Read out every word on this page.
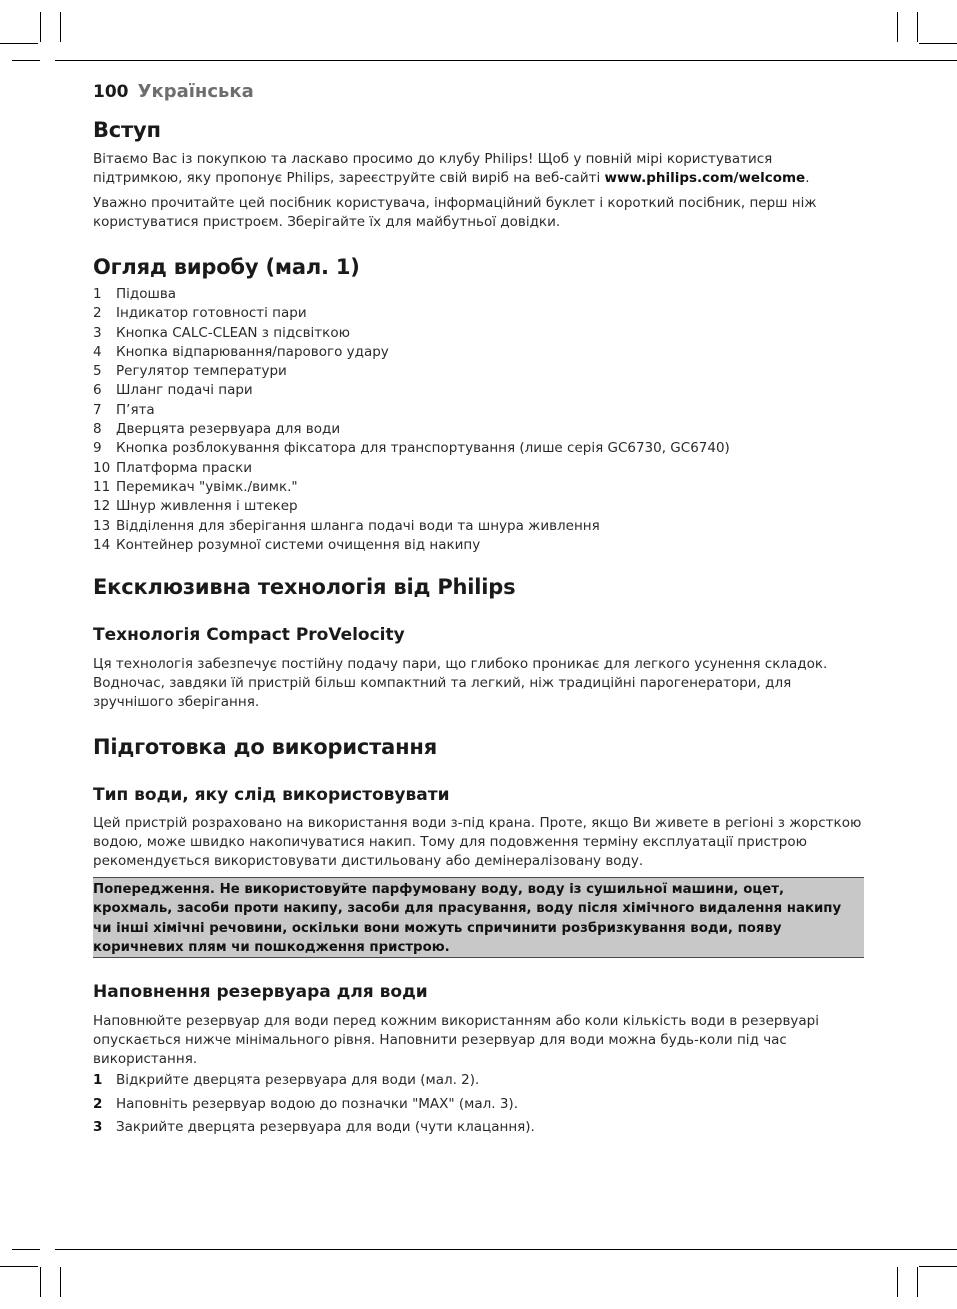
100 Українська
Вступ

Вітаємо Вас із покупкою та ласкаво просимо до клубу Philips! Щоб у повній мірі користуватися підтримкою, яку пропонує Philips, зареєструйте свій виріб на веб-сайті www.philips.com/welcome.

Уважно прочитайте цей посібник користувача, інформаційний буклет і короткий посібник, перш ніж користуватися пристроєм. Зберігайте їх для майбутньої довідки.

Огляд виробу (мал. 1)
1 Підошва
2 Індикатор готовності пари
3 Кнопка CALC-CLEAN з підсвіткою
4 Кнопка відпарювання/парового удару
5 Регулятор температури
6 Шланг подачі пари
7 П’ята
8 Дверцята резервуара для води
9 Кнопка розблокування фіксатора для транспортування (лише серія GC6730, GC6740)
10 Платформа праски
11 Перемикач "увімк./вимк."
12 Шнур живлення і штекер
13 Відділення для зберігання шланга подачі води та шнура живлення
14 Контейнер розумної системи очищення від накипу
Ексклюзивна технологія від Philips
Технологія Compact ProVelocity

Ця технологія забезпечує постійну подачу пари, що глибоко проникає для легкого усунення складок. Водночас, завдяки їй пристрій більш компактний та легкий, ніж традиційні парогенератори, для зручнішого зберігання.

Підготовка до використання
Тип води, яку слід використовувати

Цей пристрій розраховано на використання води з-під крана. Проте, якщо Ви живете в регіоні з жорсткою водою, може швидко накопичуватися накип. Тому для подовження терміну експлуатації пристрою рекомендується використовувати дистильовану або демінералізовану воду.

Попередження. Не використовуйте парфумовану воду, воду із сушильної машини, оцет, крохмаль, засоби проти накипу, засоби для прасування, воду після хімічного видалення накипу чи інші хімічні речовини, оскільки вони можуть спричинити розбризкування води, появу коричневих плям чи пошкодження пристрою.

Наповнення резервуара для води

Наповнюйте резервуар для води перед кожним використанням або коли кількість води в резервуарі опускається нижче мінімального рівня. Наповнити резервуар для води можна будь-коли під час використання.

1 Відкрийте дверцята резервуара для води (мал. 2).
2 Наповніть резервуар водою до позначки "MAX" (мал. 3).
3 Закрийте дверцята резервуара для води (чути клацання).
